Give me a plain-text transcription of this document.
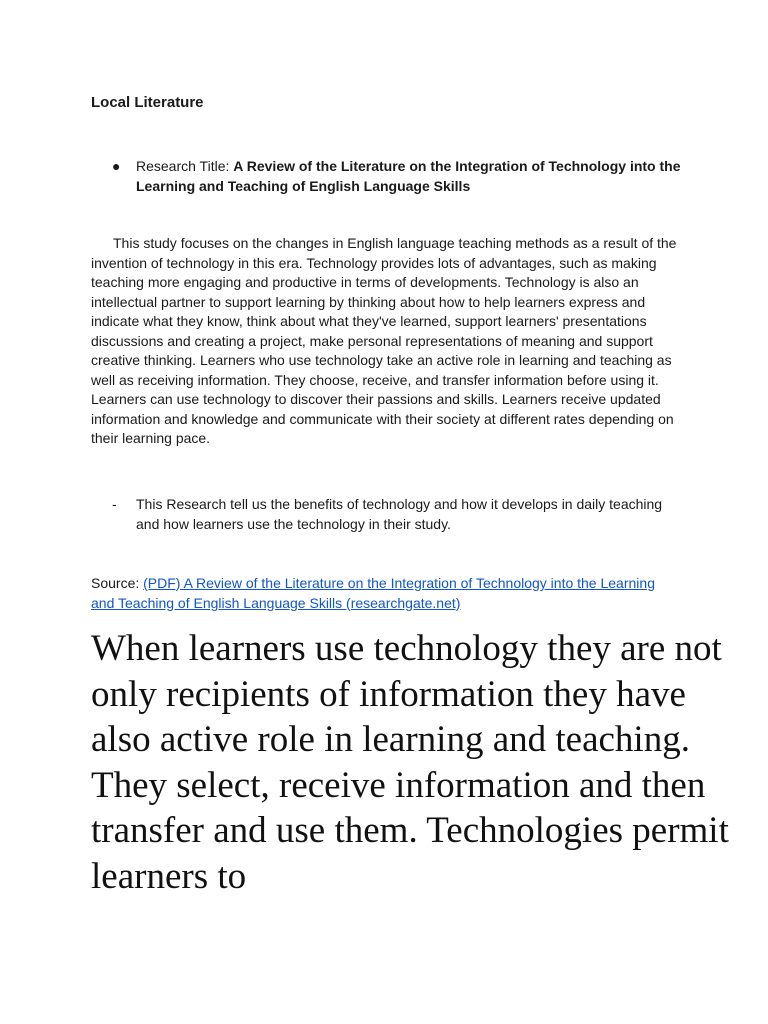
Local Literature
● Research Title: A Review of the Literature on the Integration of Technology into the Learning and Teaching of English Language Skills

This study focuses on the changes in English language teaching methods as a result of the invention of technology in this era. Technology provides lots of advantages, such as making teaching more engaging and productive in terms of developments. Technology is also an intellectual partner to support learning by thinking about how to help learners express and indicate what they know, think about what they've learned, support learners' presentations discussions and creating a project, make personal representations of meaning and support creative thinking. Learners who use technology take an active role in learning and teaching as well as receiving information. They choose, receive, and transfer information before using it. Learners can use technology to discover their passions and skills. Learners receive updated information and knowledge and communicate with their society at different rates depending on their learning pace.

- This Research tell us the benefits of technology and how it develops in daily teaching and how learners use the technology in their study.
Source: (PDF) A Review of the Literature on the Integration of Technology into the Learning and Teaching of English Language Skills (researchgate.net)

When learners use technology they are not only recipients of information they have also active role in learning and teaching. They select, receive information and then transfer and use them. Technologies permit learners to
